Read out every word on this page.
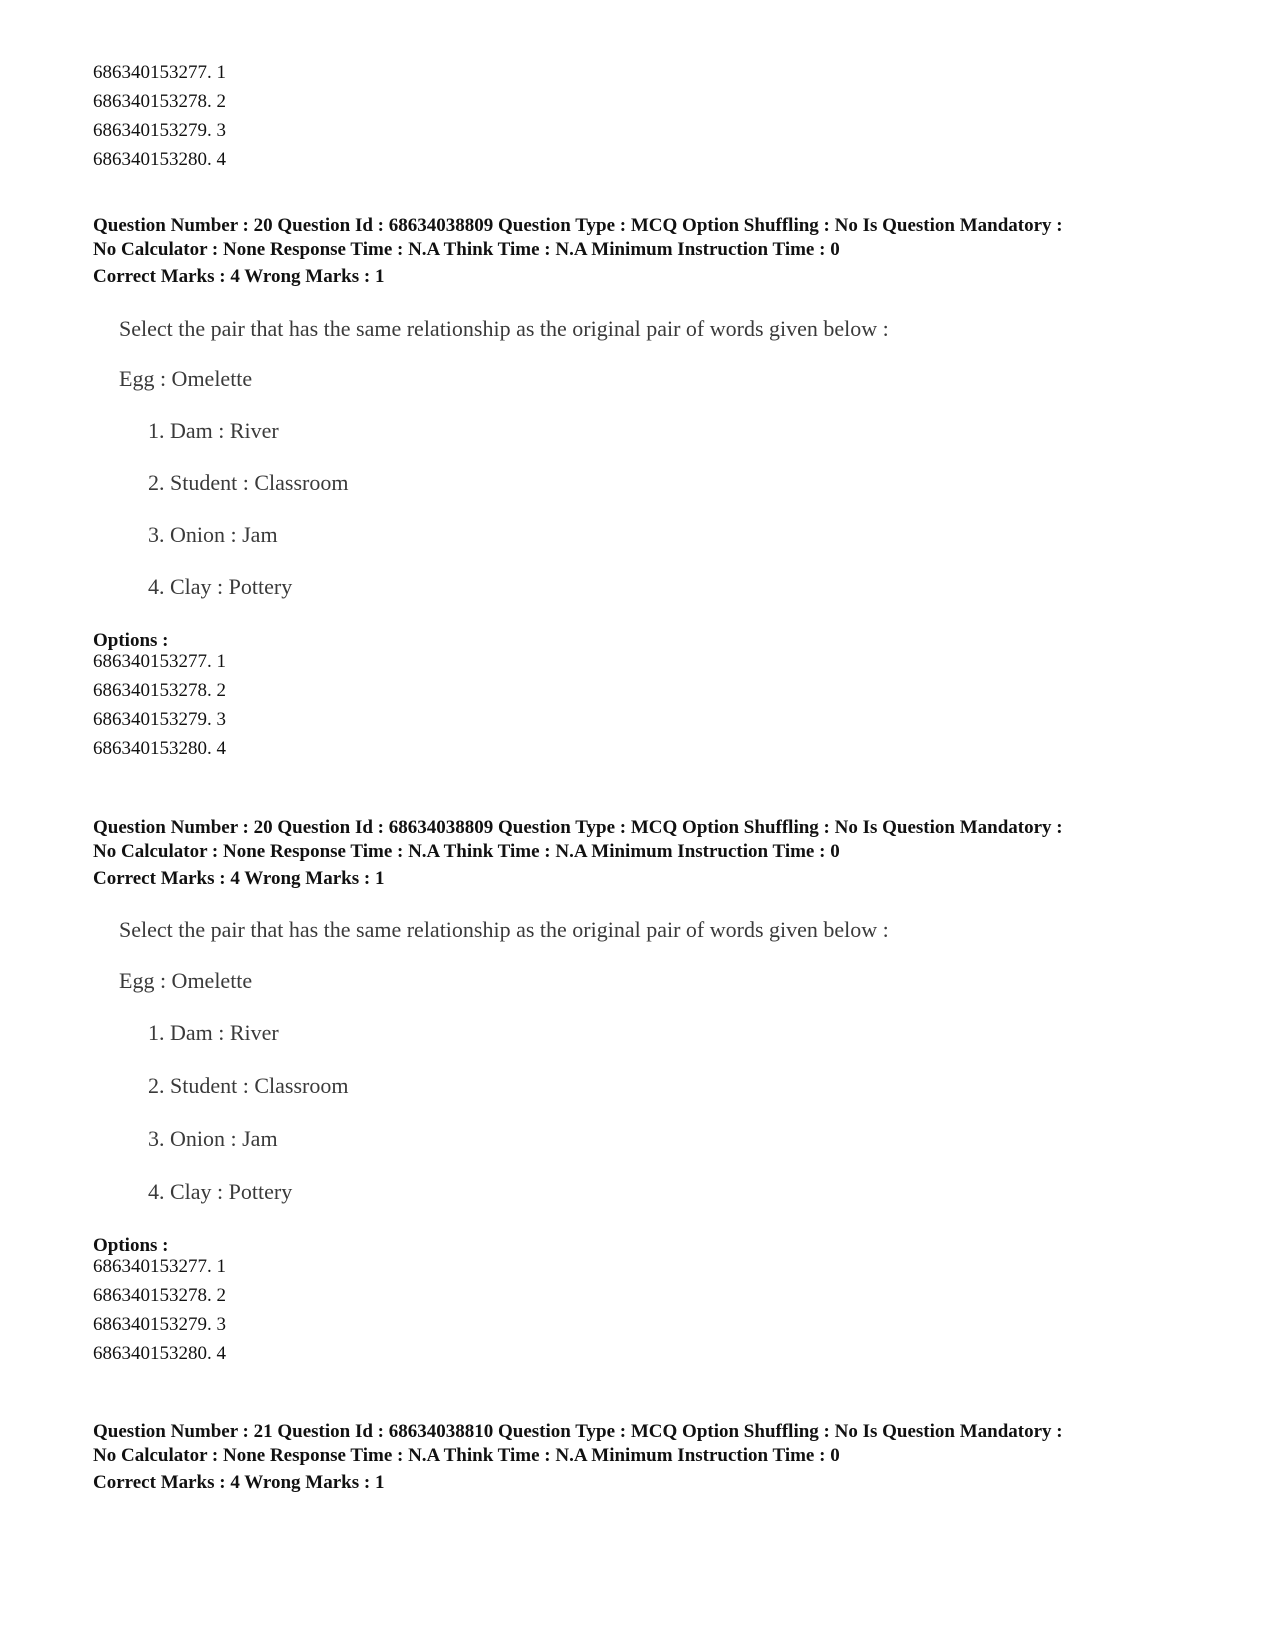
686340153277. 1
686340153278. 2
686340153279. 3
686340153280. 4
Question Number : 20 Question Id : 68634038809 Question Type : MCQ Option Shuffling : No Is Question Mandatory :
No Calculator : None Response Time : N.A Think Time : N.A Minimum Instruction Time : 0
Correct Marks : 4 Wrong Marks : 1
Select the pair that has the same relationship as the original pair of words given below :
Egg : Omelette
1. Dam : River
2. Student : Classroom
3. Onion : Jam
4. Clay : Pottery
Options :
686340153277. 1
686340153278. 2
686340153279. 3
686340153280. 4
Question Number : 20 Question Id : 68634038809 Question Type : MCQ Option Shuffling : No Is Question Mandatory :
No Calculator : None Response Time : N.A Think Time : N.A Minimum Instruction Time : 0
Correct Marks : 4 Wrong Marks : 1
Select the pair that has the same relationship as the original pair of words given below :
Egg : Omelette
1. Dam : River
2. Student : Classroom
3. Onion : Jam
4. Clay : Pottery
Options :
686340153277. 1
686340153278. 2
686340153279. 3
686340153280. 4
Question Number : 21 Question Id : 68634038810 Question Type : MCQ Option Shuffling : No Is Question Mandatory :
No Calculator : None Response Time : N.A Think Time : N.A Minimum Instruction Time : 0
Correct Marks : 4 Wrong Marks : 1
